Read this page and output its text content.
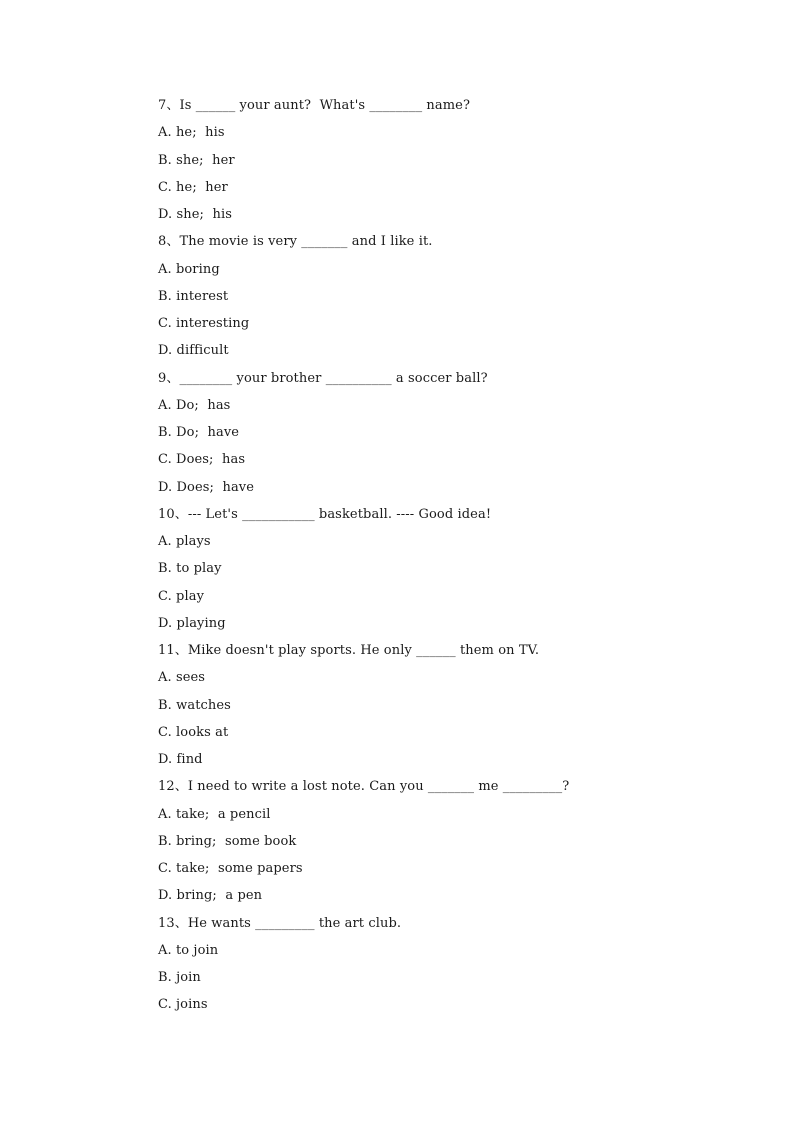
7、Is ______ your aunt?  What's ________ name?
A. he;  his
B. she;  her
C. he;  her
D. she;  his
8、The movie is very _______ and I like it.
A. boring
B. interest
C. interesting
D. difficult
9、________ your brother __________ a soccer ball?
A. Do;  has
B. Do;  have
C. Does;  has
D. Does;  have
10、--- Let's ___________ basketball. ---- Good idea!
A. plays
B. to play
C. play
D. playing
11、Mike doesn't play sports. He only ______ them on TV.
A. sees
B. watches
C. looks at
D. find
12、I need to write a lost note. Can you _______ me _________?
A. take;  a pencil
B. bring;  some book
C. take;  some papers
D. bring;  a pen
13、He wants _________ the art club.
A. to join
B. join
C. joins
